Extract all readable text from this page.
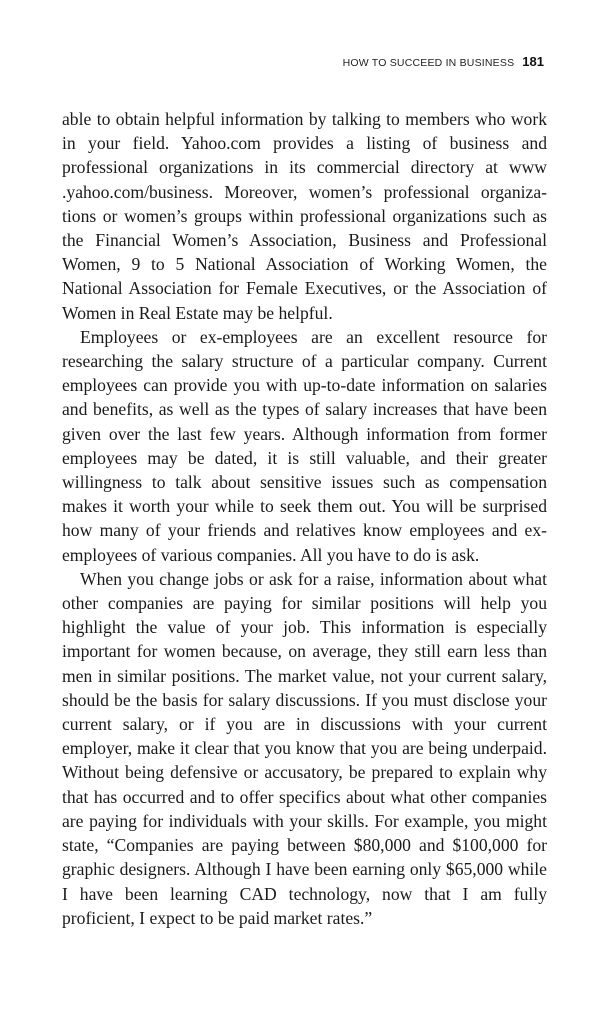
HOW TO SUCCEED IN BUSINESS 181

able to obtain helpful information by talking to members who work in your field. Yahoo.com provides a listing of business and professional organizations in its commercial directory at www​.yahoo.com/business. Moreover, women’s professional organizations or women’s groups within professional organizations such as the Financial Women’s Association, Business and Professional Women, 9 to 5 National Association of Working Women, the National Association for Female Executives, or the Association of Women in Real Estate may be helpful.

Employees or ex-employees are an excellent resource for researching the salary structure of a particular company. Current employees can provide you with up-to-date information on salaries and benefits, as well as the types of salary increases that have been given over the last few years. Although information from former employees may be dated, it is still valuable, and their greater willingness to talk about sensitive issues such as compensation makes it worth your while to seek them out. You will be surprised how many of your friends and relatives know employees and ex-employees of various companies. All you have to do is ask.

When you change jobs or ask for a raise, information about what other companies are paying for similar positions will help you highlight the value of your job. This information is especially important for women because, on average, they still earn less than men in similar positions. The market value, not your current salary, should be the basis for salary discussions. If you must disclose your current salary, or if you are in discussions with your current employer, make it clear that you know that you are being underpaid. Without being defensive or accusatory, be prepared to explain why that has occurred and to offer specifics about what other companies are paying for individuals with your skills. For example, you might state, “Companies are paying between $80,000 and $100,000 for graphic designers. Although I have been earning only $65,000 while I have been learning CAD technology, now that I am fully proficient, I expect to be paid market rates.”
